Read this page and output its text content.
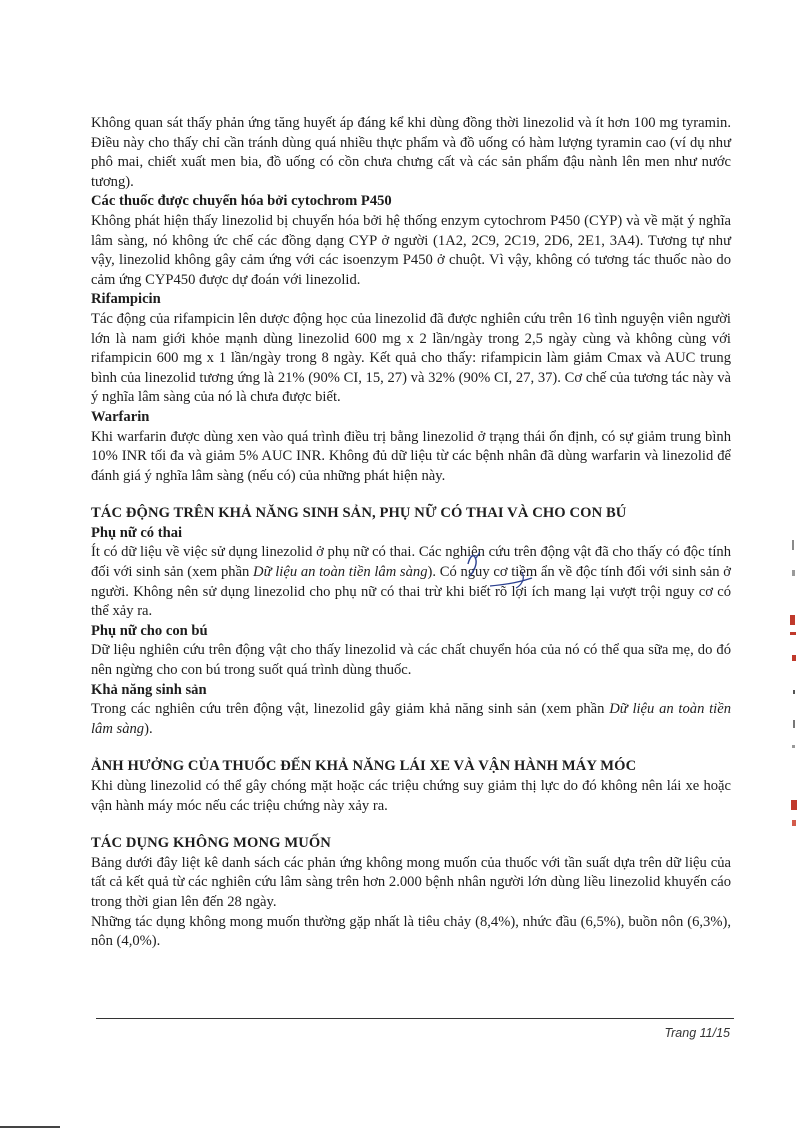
Không quan sát thấy phản ứng tăng huyết áp đáng kể khi dùng đồng thời linezolid và ít hơn 100 mg tyramin. Điều này cho thấy chỉ cần tránh dùng quá nhiều thực phẩm và đồ uống có hàm lượng tyramin cao (ví dụ như phô mai, chiết xuất men bia, đồ uống có cồn chưa chưng cất và các sản phẩm đậu nành lên men như nước tương).

Các thuốc được chuyển hóa bởi cytochrom P450

Không phát hiện thấy linezolid bị chuyển hóa bởi hệ thống enzym cytochrom P450 (CYP) và về mặt ý nghĩa lâm sàng, nó không ức chế các đồng dạng CYP ở người (1A2, 2C9, 2C19, 2D6, 2E1, 3A4). Tương tự như vậy, linezolid không gây cảm ứng với các isoenzym P450 ở chuột. Vì vậy, không có tương tác thuốc nào do cảm ứng CYP450 được dự đoán với linezolid.

Rifampicin

Tác động của rifampicin lên dược động học của linezolid đã được nghiên cứu trên 16 tình nguyện viên người lớn là nam giới khỏe mạnh dùng linezolid 600 mg x 2 lần/ngày trong 2,5 ngày cùng và không cùng với rifampicin 600 mg x 1 lần/ngày trong 8 ngày. Kết quả cho thấy: rifampicin làm giảm Cmax và AUC trung bình của linezolid tương ứng là 21% (90% CI, 15, 27) và 32% (90% CI, 27, 37). Cơ chế của tương tác này và ý nghĩa lâm sàng của nó là chưa được biết.

Warfarin

Khi warfarin được dùng xen vào quá trình điều trị bằng linezolid ở trạng thái ổn định, có sự giảm trung bình 10% INR tối đa và giảm 5% AUC INR. Không đủ dữ liệu từ các bệnh nhân đã dùng warfarin và linezolid để đánh giá ý nghĩa lâm sàng (nếu có) của những phát hiện này.

TÁC ĐỘNG TRÊN KHẢ NĂNG SINH SẢN, PHỤ NỮ CÓ THAI VÀ CHO CON BÚ

Phụ nữ có thai

Ít có dữ liệu về việc sử dụng linezolid ở phụ nữ có thai. Các nghiên cứu trên động vật đã cho thấy có độc tính đối với sinh sản (xem phần Dữ liệu an toàn tiền lâm sàng). Có nguy cơ tiềm ẩn về độc tính đối với sinh sản ở người. Không nên sử dụng linezolid cho phụ nữ có thai trừ khi biết rõ lợi ích mang lại vượt trội nguy cơ có thể xảy ra.

Phụ nữ cho con bú

Dữ liệu nghiên cứu trên động vật cho thấy linezolid và các chất chuyển hóa của nó có thể qua sữa mẹ, do đó nên ngừng cho con bú trong suốt quá trình dùng thuốc.

Khả năng sinh sản

Trong các nghiên cứu trên động vật, linezolid gây giảm khả năng sinh sản (xem phần Dữ liệu an toàn tiền lâm sàng).

ẢNH HƯỞNG CỦA THUỐC ĐẾN KHẢ NĂNG LÁI XE VÀ VẬN HÀNH MÁY MÓC

Khi dùng linezolid có thể gây chóng mặt hoặc các triệu chứng suy giảm thị lực do đó không nên lái xe hoặc vận hành máy móc nếu các triệu chứng này xảy ra.

TÁC DỤNG KHÔNG MONG MUỐN

Bảng dưới đây liệt kê danh sách các phản ứng không mong muốn của thuốc với tần suất dựa trên dữ liệu của tất cả kết quả từ các nghiên cứu lâm sàng trên hơn 2.000 bệnh nhân người lớn dùng liều linezolid khuyến cáo trong thời gian lên đến 28 ngày.

Những tác dụng không mong muốn thường gặp nhất là tiêu chảy (8,4%), nhức đầu (6,5%), buồn nôn (6,3%), nôn (4,0%).

Trang 11/15
